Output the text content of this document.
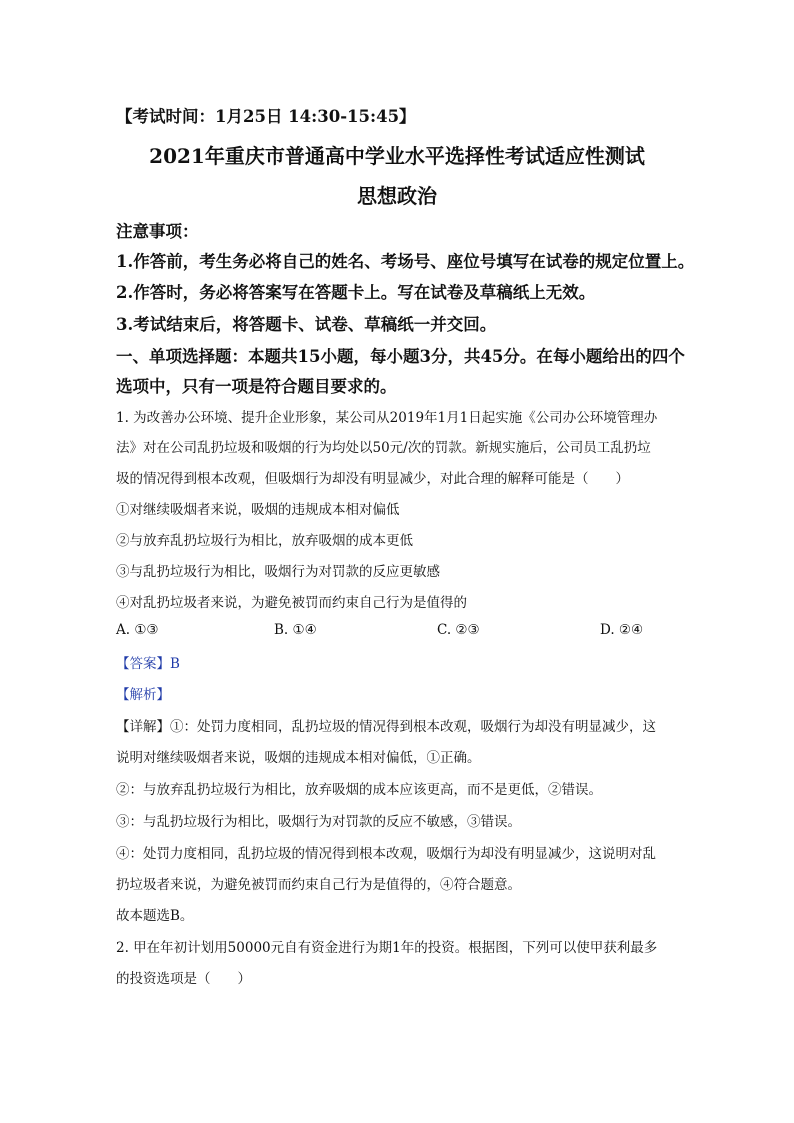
【考试时间：1月25日 14:30-15:45】
2021年重庆市普通高中学业水平选择性考试适应性测试
思想政治
注意事项：
1.作答前，考生务必将自己的姓名、考场号、座位号填写在试卷的规定位置上。
2.作答时，务必将答案写在答题卡上。写在试卷及草稿纸上无效。
3.考试结束后，将答题卡、试卷、草稿纸一并交回。
一、单项选择题：本题共15小题，每小题3分，共45分。在每小题给出的四个
选项中，只有一项是符合题目要求的。
1. 为改善办公环境、提升企业形象，某公司从2019年1月1日起实施《公司办公环境管理办
法》对在公司乱扔垃圾和吸烟的行为均处以50元/次的罚款。新规实施后，公司员工乱扔垃
圾的情况得到根本改观，但吸烟行为却没有明显减少，对此合理的解释可能是（　　）
①对继续吸烟者来说，吸烟的违规成本相对偏低
②与放弃乱扔垃圾行为相比，放弃吸烟的成本更低
③与乱扔垃圾行为相比，吸烟行为对罚款的反应更敏感
④对乱扔垃圾者来说，为避免被罚而约束自己行为是值得的
A. ①③	B. ①④	C. ②③	D. ②④
【答案】B
【解析】
【详解】①：处罚力度相同，乱扔垃圾的情况得到根本改观，吸烟行为却没有明显减少，这
说明对继续吸烟者来说，吸烟的违规成本相对偏低，①正确。
②：与放弃乱扔垃圾行为相比，放弃吸烟的成本应该更高，而不是更低，②错误。
③：与乱扔垃圾行为相比，吸烟行为对罚款的反应不敏感，③错误。
④：处罚力度相同，乱扔垃圾的情况得到根本改观，吸烟行为却没有明显减少，这说明对乱
扔垃圾者来说，为避免被罚而约束自己行为是值得的，④符合题意。
故本题选B。
2. 甲在年初计划用50000元自有资金进行为期1年的投资。根据图，下列可以使甲获利最多
的投资选项是（　　）
